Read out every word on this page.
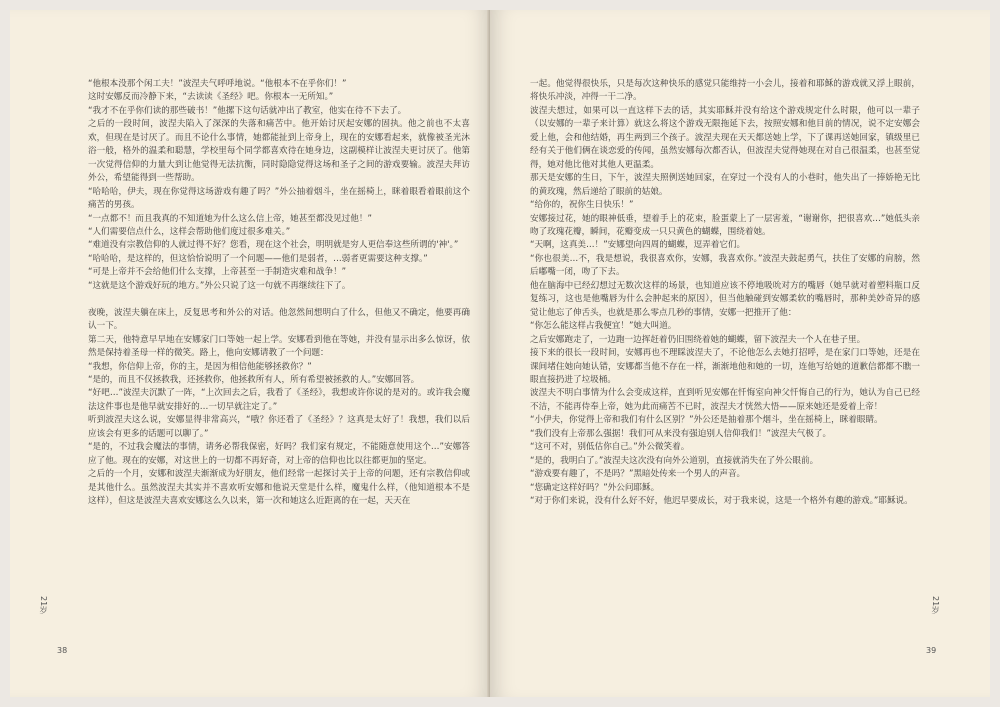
“他根本没那个闲工夫！”波涅夫气呼呼地说。“他根本不在乎你们！”

这时安娜反而冷静下来，“去读读《圣经》吧。你根本一无所知。”

“我才不在乎你们读的那些破书！”他摞下这句话就冲出了教室，他实在待不下去了。

之后的一段时间，波涅夫陷入了深深的失落和痛苦中。他开始讨厌起安娜的固执。他之前也不太喜欢，但现在是讨厌了。而且不论什么事情，她都能扯到上帝身上，现在的安娜看起来，就像被圣光沐浴一般，格外的温柔和聪慧，学校里每个同学都喜欢待在她身边，这副模样让波涅夫更讨厌了。他第一次觉得信仰的力量大到让他觉得无法抗衡，同时隐隐觉得这场和圣子之间的游戏要输。波涅夫拜访外公，希望能得到一些帮助。

“哈哈哈，伊夫，现在你觉得这场游戏有趣了吗？”外公抽着烟斗，坐在摇椅上，眯着眼看着眼前这个痛苦的男孩。

“一点都不！而且我真的不知道她为什么这么信上帝，她甚至都没见过他！”

“人们需要信点什么，这样会帮助他们度过很多难关。”

“难道没有宗教信仰的人就过得不好？您看，现在这个社会，明明就是穷人更信奉这些所谓的'神'。”

“哈哈哈，是这样的，但这恰恰说明了一个问题——他们是弱者，…弱者更需要这种支撑。”

“可是上帝并不会给他们什么支撑，上帝甚至一手制造灾难和战争！”

“这就是这个游戏好玩的地方。”外公只说了这一句就不再继续往下了。

夜晚，波涅夫躺在床上，反复思考和外公的对话。他忽然间想明白了什么，但他又不确定，他要再确认一下。

第二天，他特意早早地在安娜家门口等她一起上学。安娜看到他在等她，并没有显示出多么惊讶，依然是保持着圣母一样的微笑。路上，他向安娜请教了一个问题：

“我想，你信仰上帝，你的主，是因为相信他能够拯救你？”

“是的，而且不仅拯救我，还拯救你，他拯救所有人，所有希望被拯救的人。”安娜回答。

“好吧…”波涅夫沉默了一阵，“上次回去之后，我看了《圣经》，我想或许你说的是对的。或许我会魔法这件事也是他早就安排好的…一切早就注定了。”

听到波涅夫这么说，安娜显得非常高兴，“哦？你还看了《圣经》？这真是太好了！我想，我们以后应该会有更多的话题可以聊了。”

“是的，不过我会魔法的事情，请务必帮我保密，好吗？我们家有规定，不能随意使用这个…”安娜答应了他。现在的安娜，对这世上的一切都不再好奇，对上帝的信仰也比以往都更加的坚定。

之后的一个月，安娜和波涅夫渐渐成为好朋友，他们经常一起探讨关于上帝的问题，还有宗教信仰或是其他什么。虽然波涅夫其实并不喜欢听安娜和他说天堂是什么样，魔鬼什么样，（他知道根本不是这样），但这是波涅夫喜欢安娜这么久以来，第一次和她这么近距离的在一起，天天在

21岁
38

一起。他觉得很快乐，只是每次这种快乐的感觉只能维持一小会儿，接着和耶稣的游戏就又浮上眼前，将快乐冲淡，冲得一干二净。

波涅夫想过，如果可以一直这样下去的话，其实耶稣并没有给这个游戏规定什么时限，他可以一辈子（以安娜的一辈子来计算）就这么将这个游戏无限拖延下去，按照安娜和他目前的情况，说不定安娜会爱上他，会和他结婚，再生两到三个孩子。波涅夫现在天天都送她上学，下了课再送她回家，镇级里已经有关于他们俩在谈恋爱的传闻，虽然安娜每次都否认，但波涅夫觉得她现在对自己很温柔，也甚至觉得，她对他比他对其他人更温柔。

那天是安娜的生日，下午，波涅夫照例送她回家，在穿过一个没有人的小巷时，他失出了一捧娇艳无比的黄玫瑰，然后递给了眼前的姑娘。

“给你的，祝你生日快乐！”

安娜接过花，她的眼神低垂，望着手上的花束，脸蛋蒙上了一层害羞，“谢谢你，把很喜欢…”她低头亲吻了玫瑰花瓣，瞬间，花瓣变成一只只黄色的蝴蝶，围绕着她。

“天啊，这真美…！”安娜望向四周的蝴蝶，逗弄着它们。

“你也很美…不，我是想说，我很喜欢你，安娜，我喜欢你。”波涅夫鼓起勇气，扶住了安娜的肩膀，然后嘟嘴一闭，吻了下去。

他在脑海中已经幻想过无数次这样的场景，也知道应该不停地吸吮对方的嘴唇（她早就对着塑料瓶口反复练习，这也是他嘴唇为什么会肿起来的原因），但当他触碰到安娜柔软的嘴唇时，那种美妙奇异的感觉让他忘了伸舌头，也就是那么零点几秒的事情，安娜一把推开了他：

“你怎么能这样占我便宜！”她大叫道。

之后安娜跑走了，一边跑一边挥赶着仍旧围绕着她的蝴蝶，留下波涅夫一个人在巷子里。

接下来的很长一段时间，安娜再也不理睬波涅夫了，不论他怎么去她打招呼，是在家门口等她，还是在课间堵住她向她认错，安娜都当他不存在一样，渐渐地他和她的一切，连他写给她的道歉信都都不瞧一眼直接扔进了垃圾桶。

波涅夫不明白事情为什么会变成这样，直到听见安娜在忏悔室向神父忏悔自己的行为，她认为自己已经不洁，不能再侍奉上帝，她为此而痛苦不已时，波涅夫才恍然大悟——原来她还是爱着上帝！

“小伊夫，你觉得上帝和我们有什么区别？”外公还是抽着那个烟斗，坐在摇椅上，眯着眼睛。

“我们没有上帝那么强据！我们可从来没有强迫别人信仰我们！”波涅夫气极了。

“这可不对，别低估你自己。”外公微笑着。

“是的，我明白了。”波涅夫这次没有向外公道别，直接就消失在了外公眼前。

“游戏要有趣了，不是吗？”黑暗处传来一个男人的声音。

“您确定这样好吗？”外公问耶稣。

“对于你们来说，没有什么好不好，他迟早要成长，对于我来说，这是一个格外有趣的游戏。”耶稣说。

21岁
39
